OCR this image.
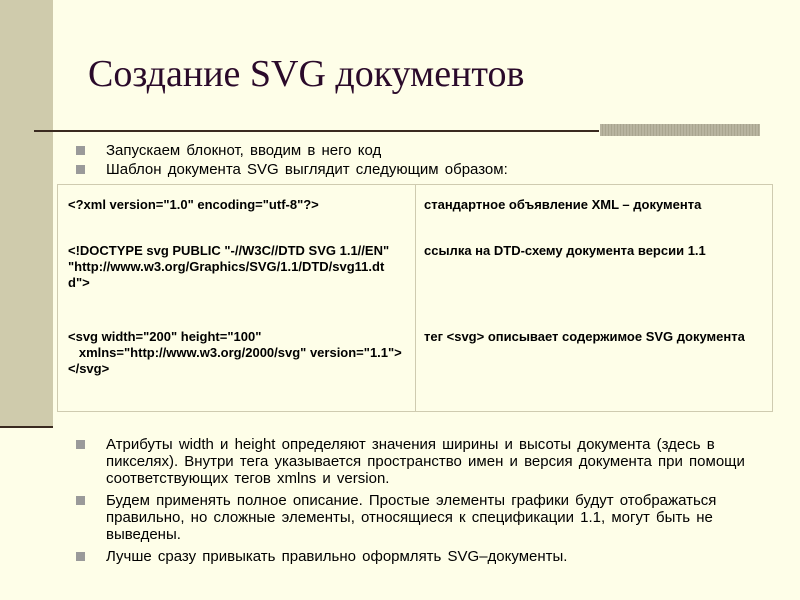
Создание SVG документов
Запускаем блокнот, вводим в него код
Шаблон документа SVG выглядит следующим образом:
<?xml version="1.0" encoding="utf-8"?>
<!DOCTYPE svg PUBLIC "-//W3C//DTD SVG 1.1//EN"
"http://www.w3.org/Graphics/SVG/1.1/DTD/svg11.dtd">
<svg width="200" height="100"
xmlns="http://www.w3.org/2000/svg" version="1.1">
</svg>
стандартное объявление XML – документа
ссылка на DTD-схему документа версии 1.1
тег <svg> описывает содержимое SVG документа
Атрибуты width и height определяют значения ширины и высоты документа (здесь в пикселях). Внутри тега указывается пространство имен и версия документа при помощи соответствующих тегов xmlns и version.
Будем применять полное описание. Простые элементы графики будут отображаться правильно, но сложные элементы, относящиеся к спецификации 1.1, могут быть не выведены.
Лучше сразу привыкать правильно оформлять SVG–документы.
